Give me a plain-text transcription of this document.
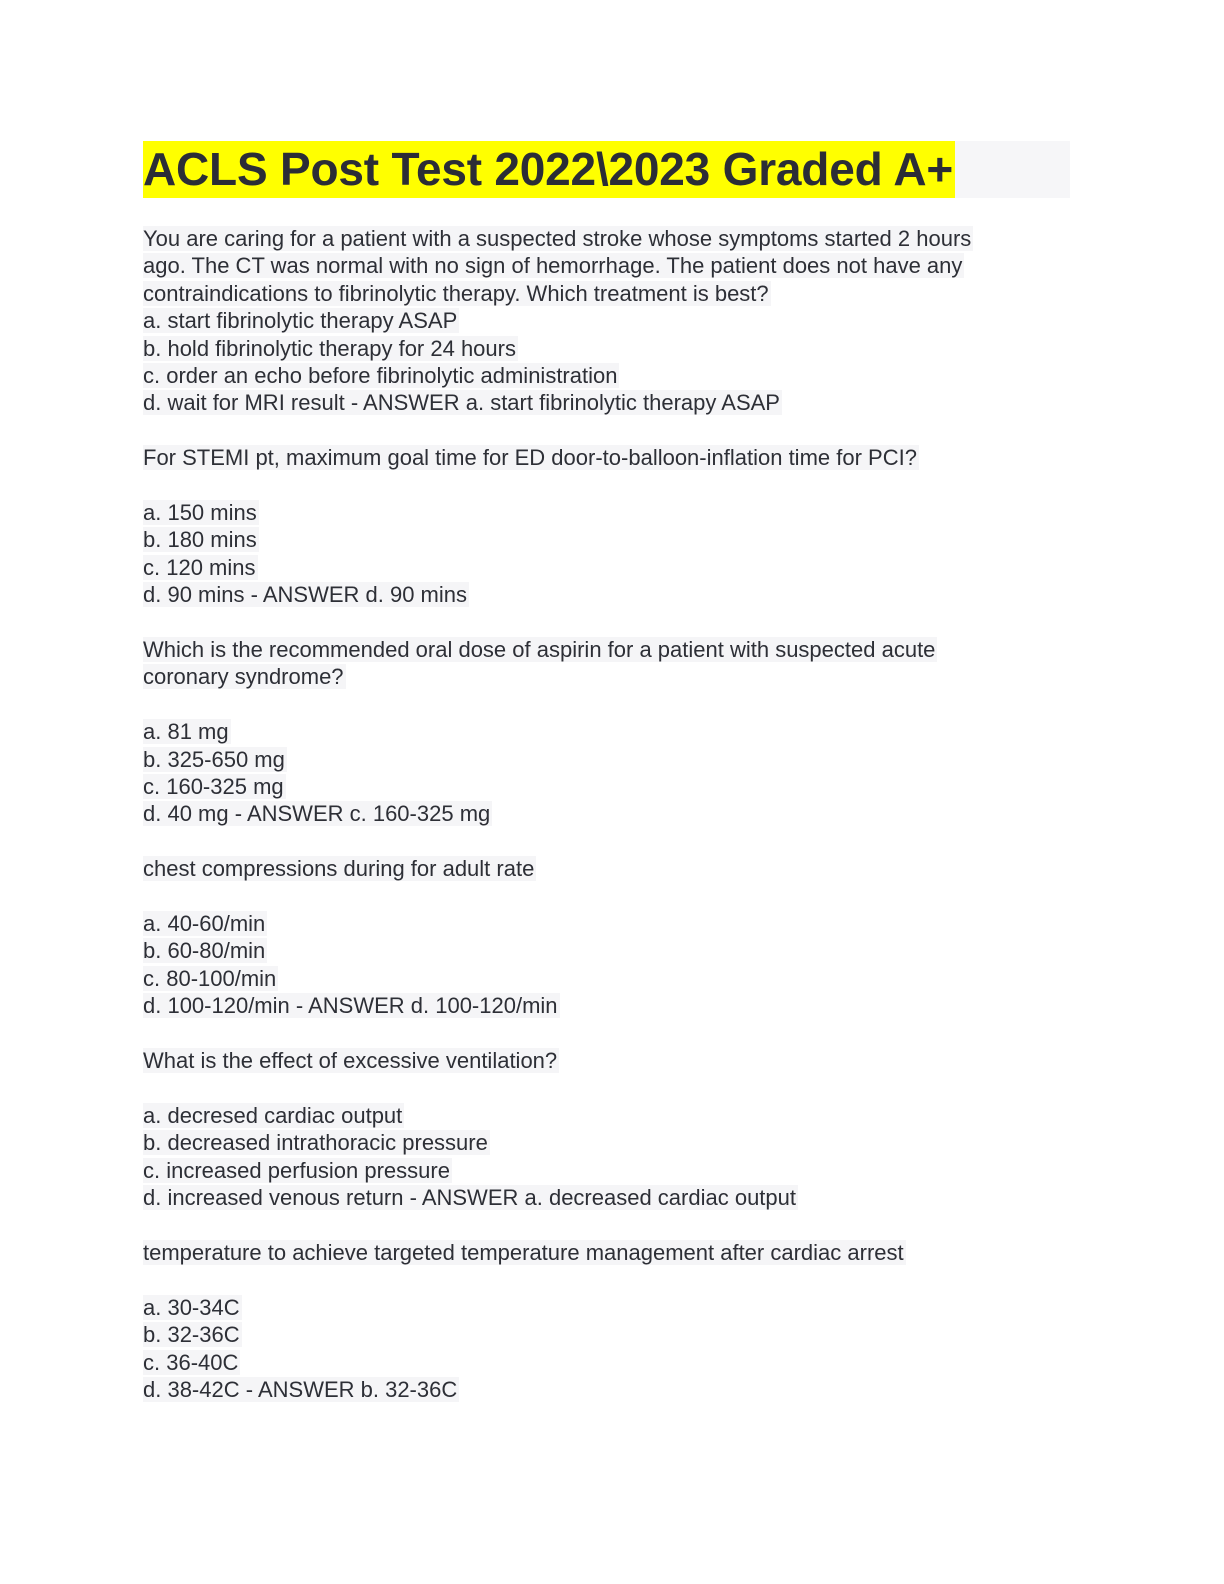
ACLS Post Test 2022\2023 Graded A+
You are caring for a patient with a suspected stroke whose symptoms started 2 hours
ago. The CT was normal with no sign of hemorrhage. The patient does not have any
contraindications to fibrinolytic therapy. Which treatment is best?
a. start fibrinolytic therapy ASAP
b. hold fibrinolytic therapy for 24 hours
c. order an echo before fibrinolytic administration
d. wait for MRI result - ANSWER a. start fibrinolytic therapy ASAP
For STEMI pt, maximum goal time for ED door-to-balloon-inflation time for PCI?
a. 150 mins
b. 180 mins
c. 120 mins
d. 90 mins - ANSWER d. 90 mins
Which is the recommended oral dose of aspirin for a patient with suspected acute
coronary syndrome?
a. 81 mg
b. 325-650 mg
c. 160-325 mg
d. 40 mg - ANSWER c. 160-325 mg
chest compressions during for adult rate
a. 40-60/min
b. 60-80/min
c. 80-100/min
d. 100-120/min - ANSWER d. 100-120/min
What is the effect of excessive ventilation?
a. decresed cardiac output
b. decreased intrathoracic pressure
c. increased perfusion pressure
d. increased venous return - ANSWER a. decreased cardiac output
temperature to achieve targeted temperature management after cardiac arrest
a. 30-34C
b. 32-36C
c. 36-40C
d. 38-42C - ANSWER b. 32-36C
